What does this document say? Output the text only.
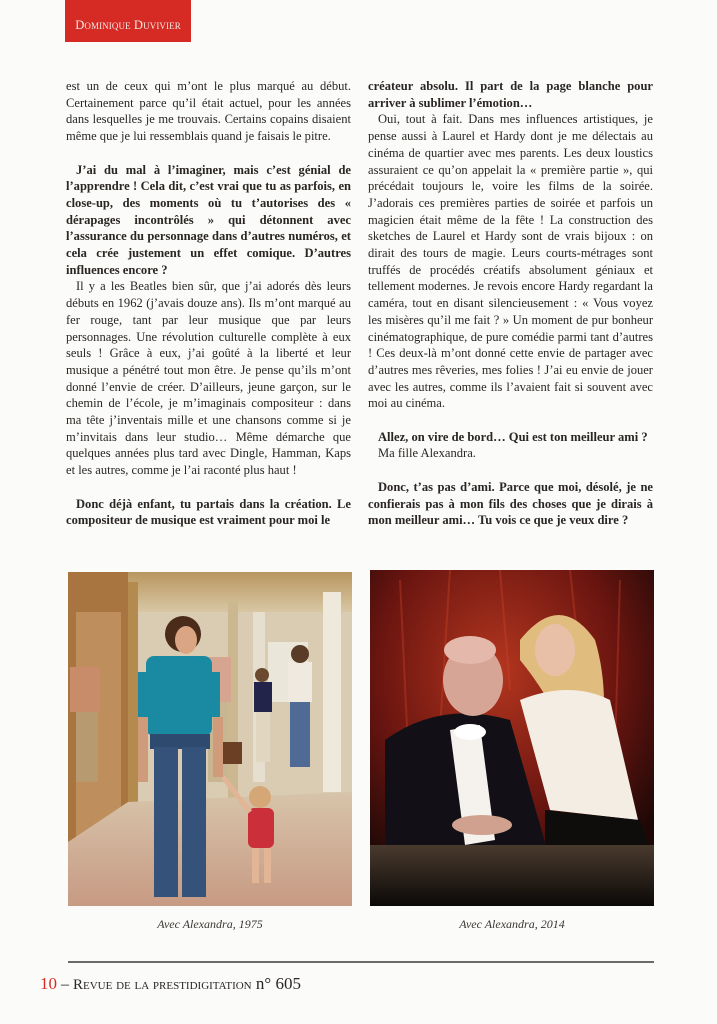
Dominique Duvivier

est un de ceux qui m’ont le plus marqué au début. Certainement parce qu’il était actuel, pour les années dans lesquelles je me trouvais. Certains copains disaient même que je lui ressemblais quand je faisais le pitre.

J’ai du mal à l’imaginer, mais c’est génial de l’apprendre ! Cela dit, c’est vrai que tu as parfois, en close-up, des moments où tu t’autorises des « dérapages incontrôlés » qui détonnent avec l’assurance du personnage dans d’autres numéros, et cela crée justement un effet comique. D’autres influences encore ?

Il y a les Beatles bien sûr, que j’ai adorés dès leurs débuts en 1962 (j’avais douze ans). Ils m’ont marqué au fer rouge, tant par leur musique que par leurs personnages. Une révolution culturelle complète à eux seuls ! Grâce à eux, j’ai goûté à la liberté et leur musique a pénétré tout mon être. Je pense qu’ils m’ont donné l’envie de créer. D’ailleurs, jeune garçon, sur le chemin de l’école, je m’imaginais compositeur : dans ma tête j’inventais mille et une chansons comme si je m’invitais dans leur studio… Même démarche que quelques années plus tard avec Dingle, Hamman, Kaps et les autres, comme je l’ai raconté plus haut !

Donc déjà enfant, tu partais dans la création. Le compositeur de musique est vraiment pour moi le

créateur absolu. Il part de la page blanche pour arriver à sublimer l’émotion…

Oui, tout à fait. Dans mes influences artistiques, je pense aussi à Laurel et Hardy dont je me délectais au cinéma de quartier avec mes parents. Les deux loustics assuraient ce qu’on appelait la « première partie », qui précédait toujours le, voire les films de la soirée. J’adorais ces premières parties de soirée et parfois un magicien était même de la fête ! La construction des sketches de Laurel et Hardy sont de vrais bijoux : on dirait des tours de magie. Leurs courts-métrages sont truffés de procédés créatifs absolument géniaux et tellement modernes. Je revois encore Hardy regardant la caméra, tout en disant silencieusement : « Vous voyez les misères qu’il me fait ? » Un moment de pur bonheur cinématographique, de pure comédie parmi tant d’autres ! Ces deux-là m’ont donné cette envie de partager avec d’autres mes rêveries, mes folies ! J’ai eu envie de jouer avec les autres, comme ils l’avaient fait si souvent avec moi au cinéma.

Allez, on vire de bord… Qui est ton meilleur ami ?

Ma fille Alexandra.

Donc, t’as pas d’ami. Parce que moi, désolé, je ne confierais pas à mon fils des choses que je dirais à mon meilleur ami… Tu vois ce que je veux dire ?

Avec Alexandra, 1975	Avec Alexandra, 2014
10 – Revue de la prestidigitation n° 605
